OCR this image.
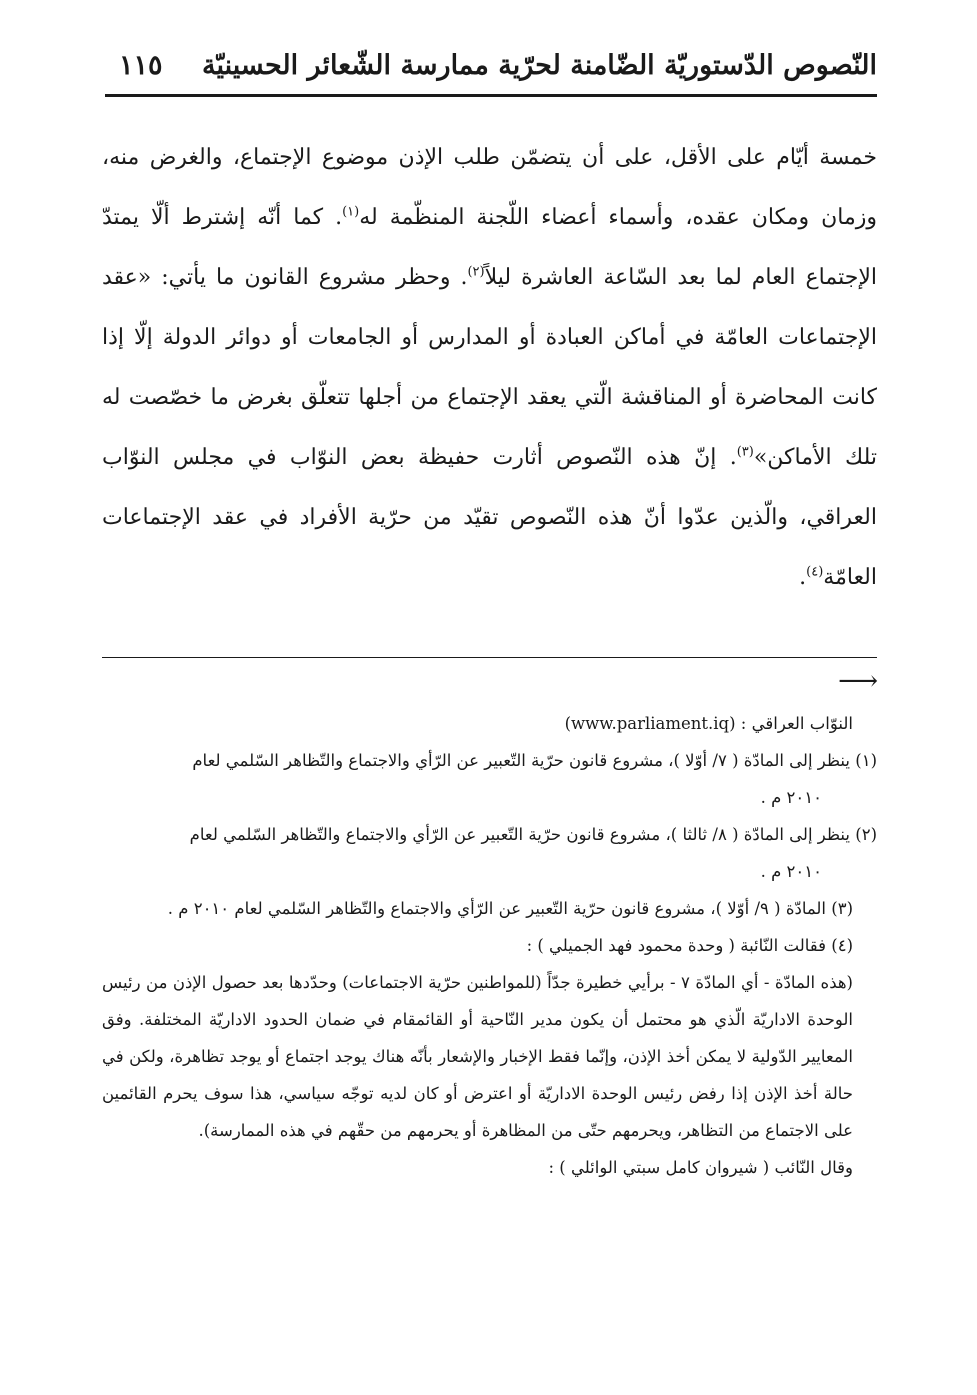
النّصوص الدّستوريّة الضّامنة لحرّية ممارسة الشّعائر الحسينيّة
١١٥

خمسة أيّام على الأقل، على أن يتضمّن طلب الإذن موضوع الإجتماع، والغرض منه، وزمان ومكان عقده، وأسماء أعضاء اللّجنة المنظّمة له$^{(١)}$. كما أنّه إشترط ألّا يمتدّ الإجتماع العام لما بعد السّاعة العاشرة ليلاً$^{(٢)}$. وحظر مشروع القانون ما يأتي: «عقد الإجتماعات العامّة في أماكن العبادة أو المدارس أو الجامعات أو دوائر الدولة إلّا إذا كانت المحاضرة أو المناقشة الّتي يعقد الإجتماع من أجلها تتعلّق بغرض ما خصّصت له تلك الأماكن»$^{(٣)}$. إنّ هذه النّصوص أثارت حفيظة بعض النوّاب في مجلس النوّاب العراقي، والّذين عدّوا أنّ هذه النّصوص تقيّد من حرّية الأفراد في عقد الإجتماعات العامّة$^{(٤)}$.

⟶

النوّاب العراقي : (www.parliament.iq)

(١) ينظر إلى المادّة ( ٧/ أوّلا )، مشروع قانون حرّية التّعبير عن الرّأي والاجتماع والتّظاهر السّلمي لعام
٢٠١٠ م .

(٢) ينظر إلى المادّة ( ٨/ ثالثا )، مشروع قانون حرّية التّعبير عن الرّأي والاجتماع والتّظاهر السّلمي لعام
٢٠١٠ م .

(٣) المادّة ( ٩/ أوّلا )، مشروع قانون حرّية التّعبير عن الرّأي والاجتماع والتّظاهر السّلمي لعام ٢٠١٠ م .

(٤) فقالت النّائبة ( وحدة محمود فهد الجميلي ) :

(هذه المادّة - أي المادّة ٧ - برأيي خطيرة جدّاً (للمواطنين حرّية الاجتماعات) وحدّدها بعد حصول الإذن من رئيس الوحدة الاداريّة الّذي هو محتمل أن يكون مدير النّاحية أو القائمقام في ضمان الحدود الاداريّة المختلفة. وفق المعايير الدّولية لا يمكن أخذ الإذن، وإنّما فقط الإخبار والإشعار بأنّه هناك يوجد اجتماع أو يوجد تظاهرة، ولكن في حالة أخذ الإذن إذا رفض رئيس الوحدة الاداريّة أو اعترض أو كان لديه توجّه سياسي، هذا سوف يحرم القائمين على الاجتماع من التظاهر، ويحرمهم حتّى من المظاهرة أو يحرمهم من حقّهم في هذه الممارسة).

وقال النّائب ( شيروان كامل سبتي الوائلي ) :
